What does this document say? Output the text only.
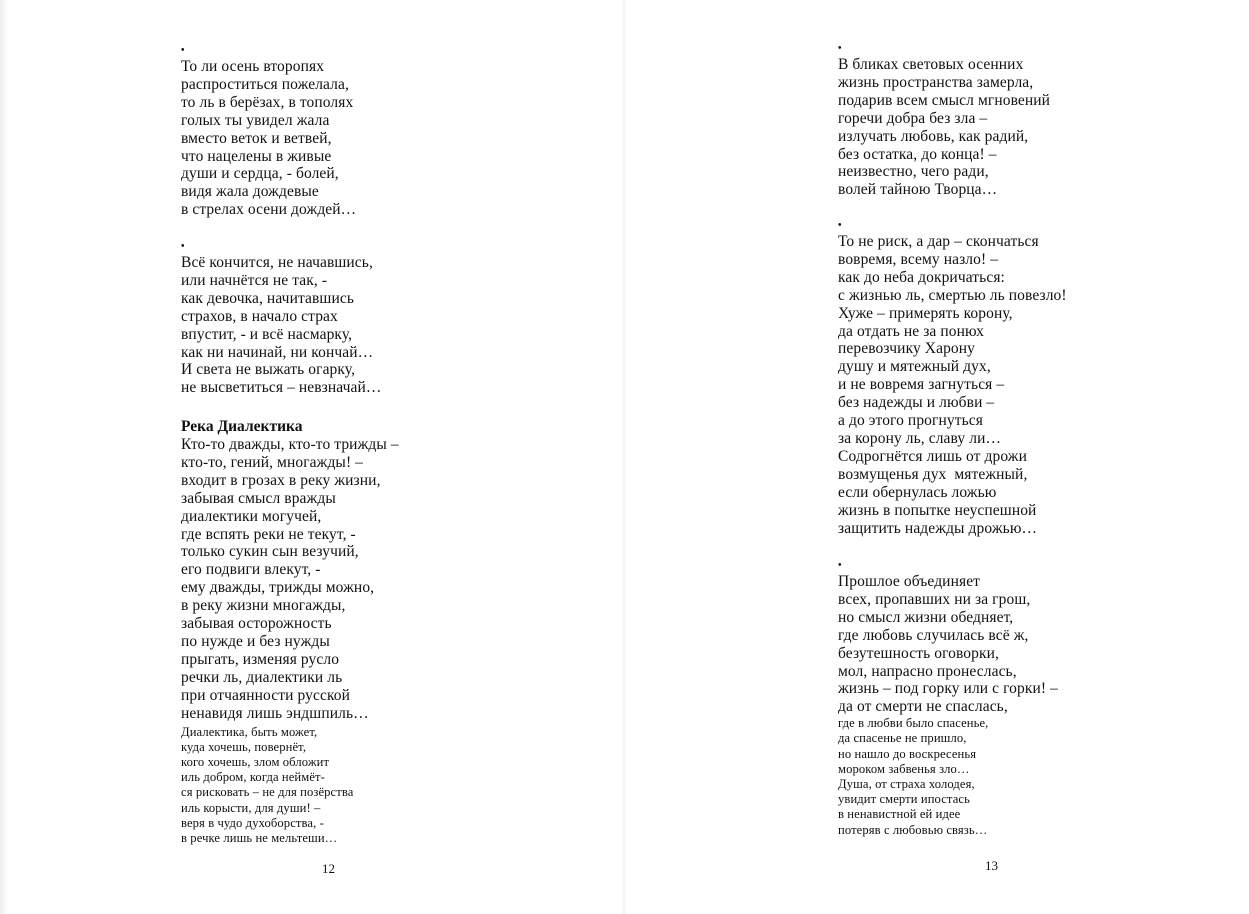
•
То ли осень второпях
распроститься пожелала,
то ль в берёзах, в тополях
голых ты увидел жала
вместо веток и ветвей,
что нацелены в живые
души и сердца, - болей,
видя жала дождевые
в стрелах осени дождей…
•
Всё кончится, не начавшись,
или начнётся не так, -
как девочка, начитавшись
страхов, в начало страх
впустит, - и всё насмарку,
как ни начинай, ни кончай…
И света не выжать огарку,
не высветиться – невзначай…
Река Диалектика
Кто-то дважды, кто-то трижды –
кто-то, гений, многажды! –
входит в грозах в реку жизни,
забывая смысл вражды
диалектики могучей,
где вспять реки не текут, -
только сукин сын везучий,
его подвиги влекут, -
ему дважды, трижды можно,
в реку жизни многажды,
забывая осторожность
по нужде и без нужды
прыгать, изменяя русло
речки ль, диалектики ль
при отчаянности русской
ненавидя лишь эндшпиль…
Диалектика, быть может,
куда хочешь, повернёт,
кого хочешь, злом обложит
иль добром, когда неймёт-
ся рисковать – не для позёрства
иль корысти, для души! –
веря в чудо духоборства, -
в речке лишь не мельтеши…
12
•
В бликах световых осенних
жизнь пространства замерла,
подарив всем смысл мгновений
горечи добра без зла –
излучать любовь, как радий,
без остатка, до конца! –
неизвестно, чего ради,
волей тайною Творца…
•
То не риск, а дар – скончаться
вовремя, всему назло! –
как до неба докричаться:
с жизнью ль, смертью ль повезло!
Хуже – примерять корону,
да отдать не за понюх
перевозчику Харону
душу и мятежный дух,
и не вовремя загнуться –
без надежды и любви –
а до этого прогнуться
за корону ль, славу ли…
Содрогнётся лишь от дрожи
возмущенья дух  мятежный,
если обернулась ложью
жизнь в попытке неуспешной
защитить надежды дрожью…
•
Прошлое объединяет
всех, пропавших ни за грош,
но смысл жизни обедняет,
где любовь случилась всё ж,
безутешность оговорки,
мол, напрасно пронеслась,
жизнь – под горку или с горки! –
да от смерти не спаслась,
где в любви было спасенье,
да спасенье не пришло,
но нашло до воскресенья
мороком забвенья зло…
Душа, от страха холодея,
увидит смерти ипостась
в ненавистной ей идее
потеряв с любовью связь…
13
